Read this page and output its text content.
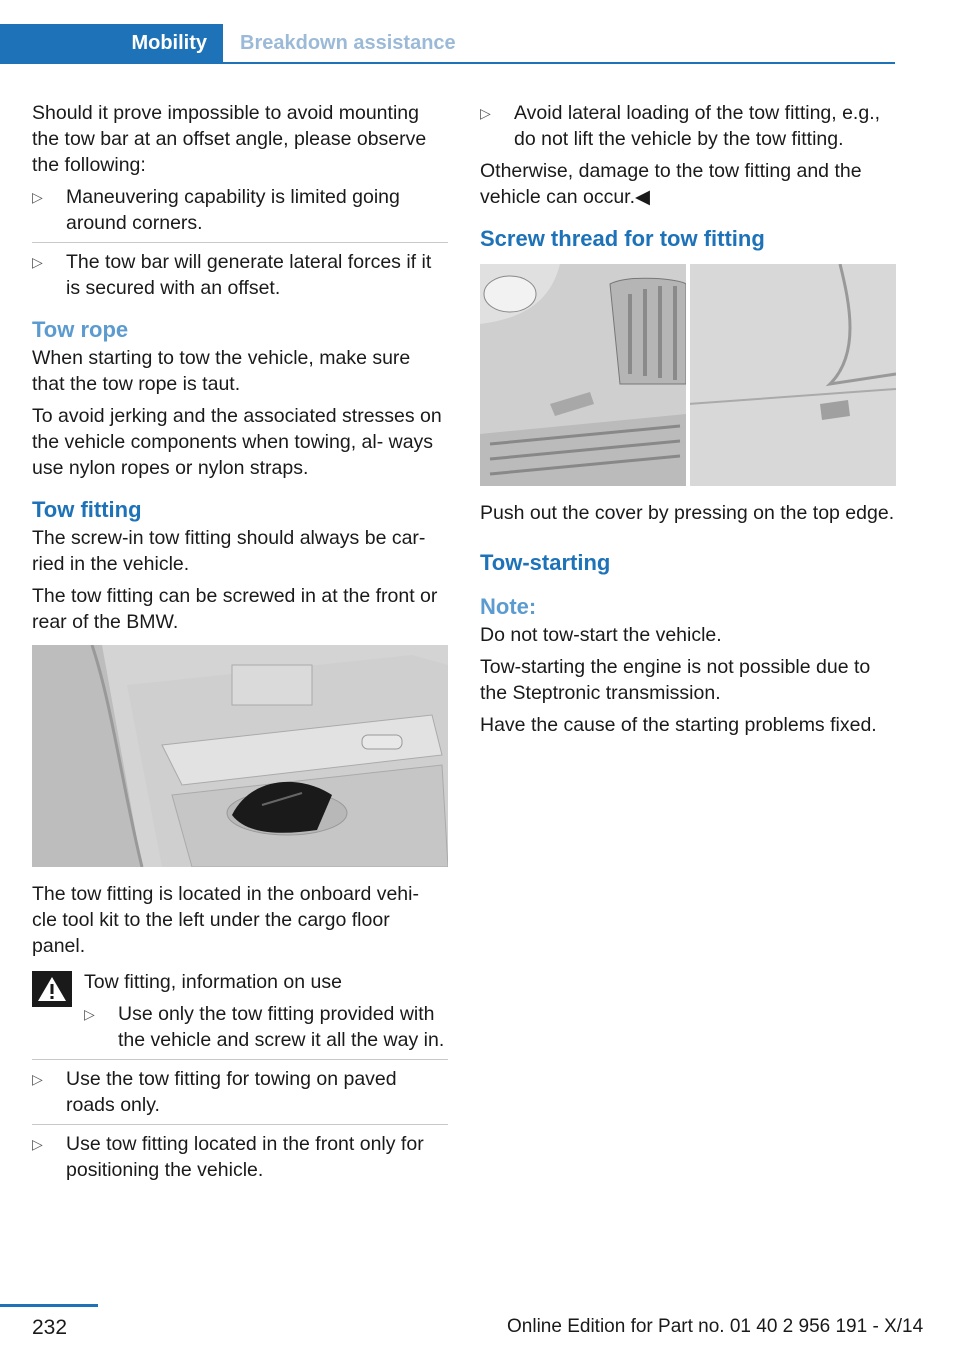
Mobility	Breakdown assistance

Should it prove impossible to avoid mounting the tow bar at an offset angle, please observe the following:

▷ Maneuvering capability is limited going around corners.
▷ The tow bar will generate lateral forces if it is secured with an offset.
Tow rope

When starting to tow the vehicle, make sure that the tow rope is taut.

To avoid jerking and the associated stresses on the vehicle components when towing, al‐ ways use nylon ropes or nylon straps.

Tow fitting

The screw-in tow fitting should always be car‐ ried in the vehicle.

The tow fitting can be screwed in at the front or rear of the BMW.

The tow fitting is located in the onboard vehi‐ cle tool kit to the left under the cargo floor panel.

Tow fitting, information on use

▷ Use only the tow fitting provided with the vehicle and screw it all the way in.
▷ Use the tow fitting for towing on paved roads only.
▷ Use tow fitting located in the front only for positioning the vehicle.
▷ Avoid lateral loading of the tow fitting, e.g., do not lift the vehicle by the tow fitting.

Otherwise, damage to the tow fitting and the vehicle can occur.◀

Screw thread for tow fitting

Push out the cover by pressing on the top edge.

Tow-starting
Note:

Do not tow-start the vehicle.

Tow-starting the engine is not possible due to the Steptronic transmission.

Have the cause of the starting problems fixed.

232	Online Edition for Part no. 01 40 2 956 191 - X/14
